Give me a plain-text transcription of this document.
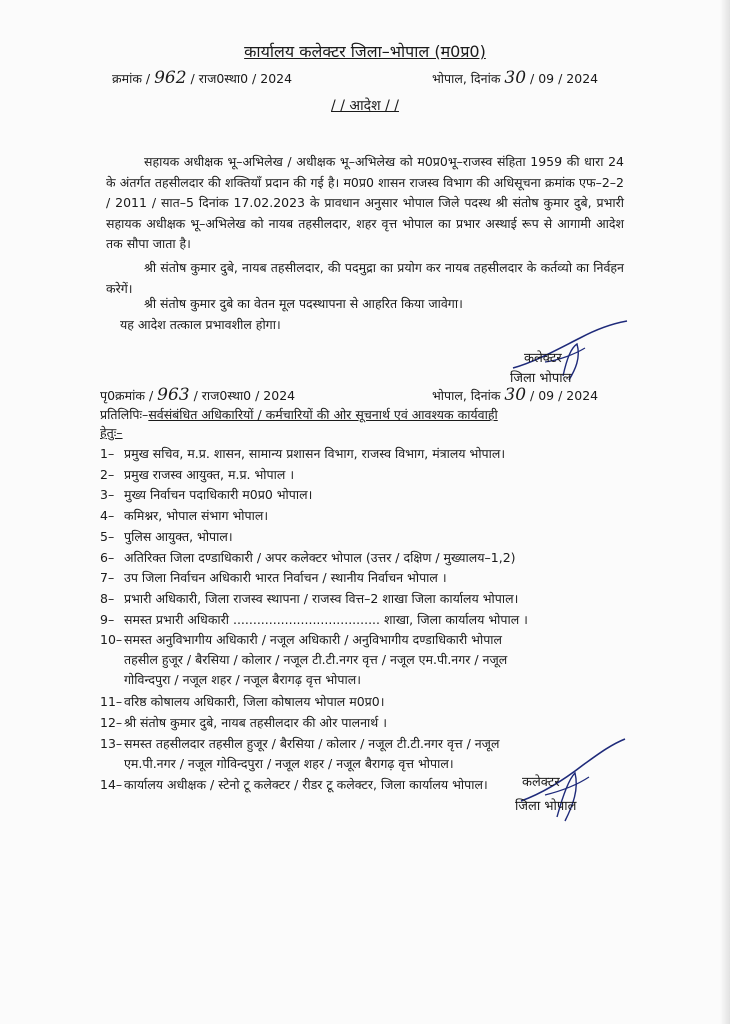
कार्यालय कलेक्टर जिला–भोपाल (म0प्र0)
क्रमांक / 962 / राज0स्था0 / 2024	भोपाल, दिनांक 30 / 09 / 2024
/ / आदेश / /
सहायक अधीक्षक भू–अभिलेख / अधीक्षक भू–अभिलेख को म0प्र0भू–राजस्व संहिता 1959 की धारा 24 के अंतर्गत तहसीलदार की शक्तियाँ प्रदान की गई है। म0प्र0 शासन राजस्व विभाग की अधिसूचना क्रमांक एफ–2–2 / 2011 / सात–5 दिनांक 17.02.2023 के प्रावधान अनुसार भोपाल जिले पदस्थ श्री संतोष कुमार दुबे, प्रभारी सहायक अधीक्षक भू–अभिलेख को नायब तहसीलदार, शहर वृत्त भोपाल का प्रभार अस्थाई रूप से आगामी आदेश तक सौपा जाता है।
श्री संतोष कुमार दुबे, नायब तहसीलदार, की पदमुद्रा का प्रयोग कर नायब तहसीलदार के कर्तव्यो का निर्वहन करेगें।
श्री संतोष कुमार दुबे का वेतन मूल पदस्थापना से आहरित किया जावेगा।
यह आदेश तत्काल प्रभावशील होगा।
कलेक्टर
जिला भोपाल
पृ0क्रमांक / 963 / राज0स्था0 / 2024	भोपाल, दिनांक 30 / 09 / 2024
प्रतिलिपिः–सर्वसंबंधित अधिकारियों / कर्मचारियों की ओर सूचनार्थ एवं आवश्यक कार्यवाही
हेतुः–
1– प्रमुख सचिव, म.प्र. शासन, सामान्य प्रशासन विभाग, राजस्व विभाग, मंत्रालय भोपाल।
2– प्रमुख राजस्व आयुक्त, म.प्र. भोपाल ।
3– मुख्य निर्वाचन पदाधिकारी म0प्र0 भोपाल।
4– कमिश्नर, भोपाल संभाग भोपाल।
5– पुलिस आयुक्त, भोपाल।
6– अतिरिक्त जिला दण्डाधिकारी / अपर कलेक्टर भोपाल (उत्तर / दक्षिण / मुख्यालय–1,2)
7– उप जिला निर्वाचन अधिकारी भारत निर्वाचन / स्थानीय निर्वाचन भोपाल ।
8– प्रभारी अधिकारी, जिला राजस्व स्थापना / राजस्व वित्त–2 शाखा जिला कार्यालय भोपाल।
9– समस्त प्रभारी अधिकारी ..................................... शाखा, जिला कार्यालय भोपाल ।
10– समस्त अनुविभागीय अधिकारी / नजूल अधिकारी / अनुविभागीय दण्डाधिकारी भोपाल
तहसील हुजूर / बैरसिया / कोलार / नजूल टी.टी.नगर वृत्त / नजूल एम.पी.नगर / नजूल
गोविन्दपुरा / नजूल शहर / नजूल बैरागढ़ वृत्त भोपाल।
11– वरिष्ठ कोषालय अधिकारी, जिला कोषालय भोपाल म0प्र0।
12– श्री संतोष कुमार दुबे, नायब तहसीलदार की ओर पालनार्थ ।
13– समस्त तहसीलदार तहसील हुजूर / बैरसिया / कोलार / नजूल टी.टी.नगर वृत्त / नजूल
एम.पी.नगर / नजूल गोविन्दपुरा / नजूल शहर / नजूल बैरागढ़ वृत्त भोपाल।
14– कार्यालय अधीक्षक / स्टेनो टू कलेक्टर / रीडर टू कलेक्टर, जिला कार्यालय भोपाल।	कलेक्टर
जिला भोपाल
